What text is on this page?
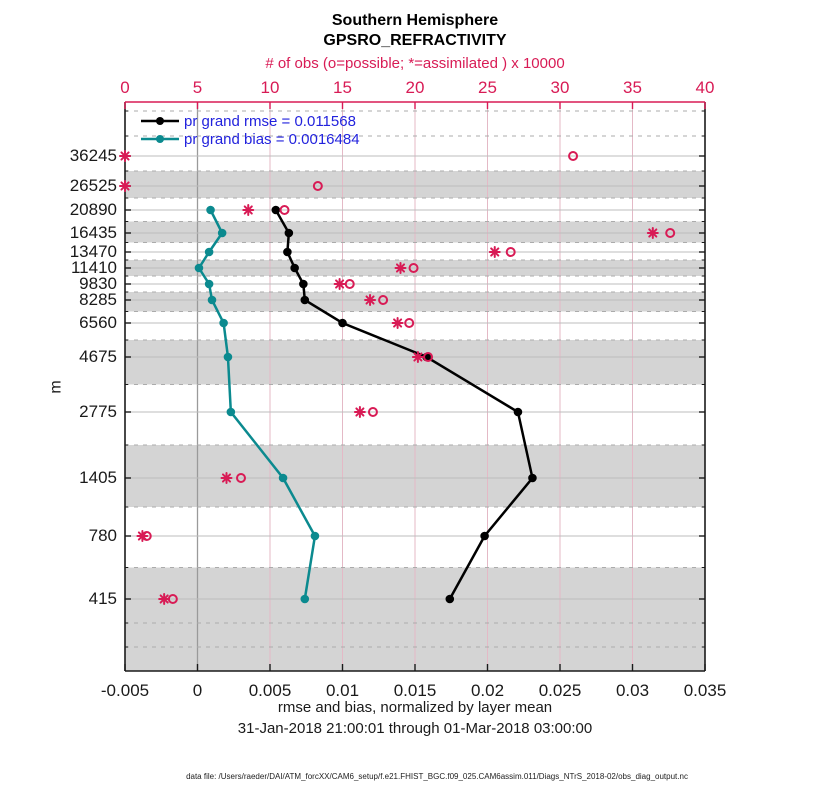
Southern Hemisphere
GPSRO_REFRACTIVITY
# of obs (o=possible; *=assimilated ) x 10000
m
rmse and bias, normalized by layer mean
31-Jan-2018 21:00:01 through 01-Mar-2018 03:00:00
data file: /Users/raeder/DAI/ATM_forcXX/CAM6_setup/f.e21.FHIST_BGC.f09_025.CAM6assim.011/Diags_NTrS_2018-02/obs_diag_output.nc
pr grand rmse = 0.011568
pr grand bias = 0.0016484
-0.005	0	0.005 0.01 0.015 0.02 0.025 0.03 0.035
0	5	10	15	20	25	30	35	40
36245
26525
20890
16435
13470
11410
9830
8285
6560
4675
2775
1405
780
415
